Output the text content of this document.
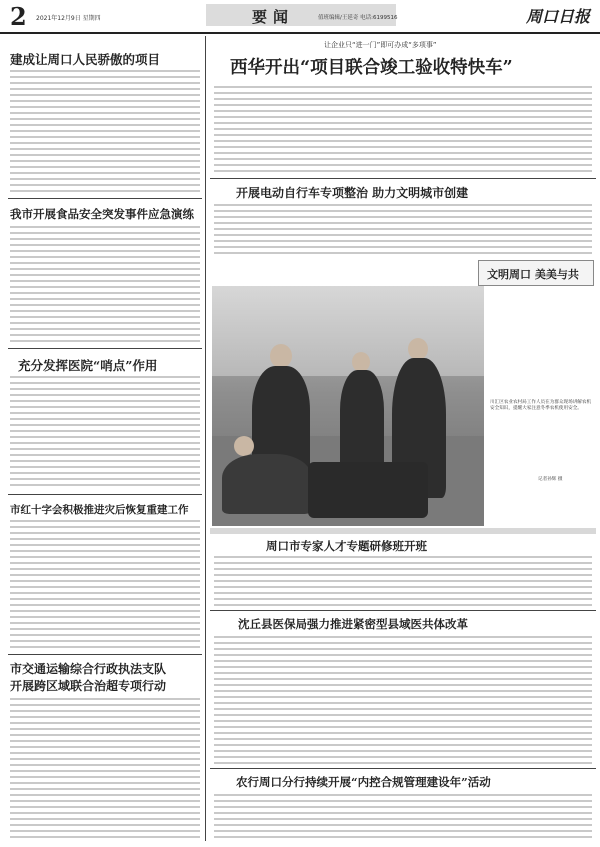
2 2021年12月9日 星期四	要闻	值班编辑/王延奇 电话:6199516	周口日报
建成让周口人民骄傲的项目
我市开展食品安全突发事件应急演练
充分发挥医院“哨点”作用
市红十字会积极推进灾后恢复重建工作
市交通运输综合行政执法支队
开展跨区域联合治超专项行动
让企业只“进一门”即可办成“多项事”
西华开出“项目联合竣工验收特快车”
开展电动自行车专项整治 助力文明城市创建
文明周口 美美与共
川汇区农业农村局工作人员在为群众现场讲解农机安全知识，提醒大家注意冬季农机使用安全。
记者孙辉 摄
周口市专家人才专题研修班开班
沈丘县医保局强力推进紧密型县域医共体改革
农行周口分行持续开展“内控合规管理建设年”活动
